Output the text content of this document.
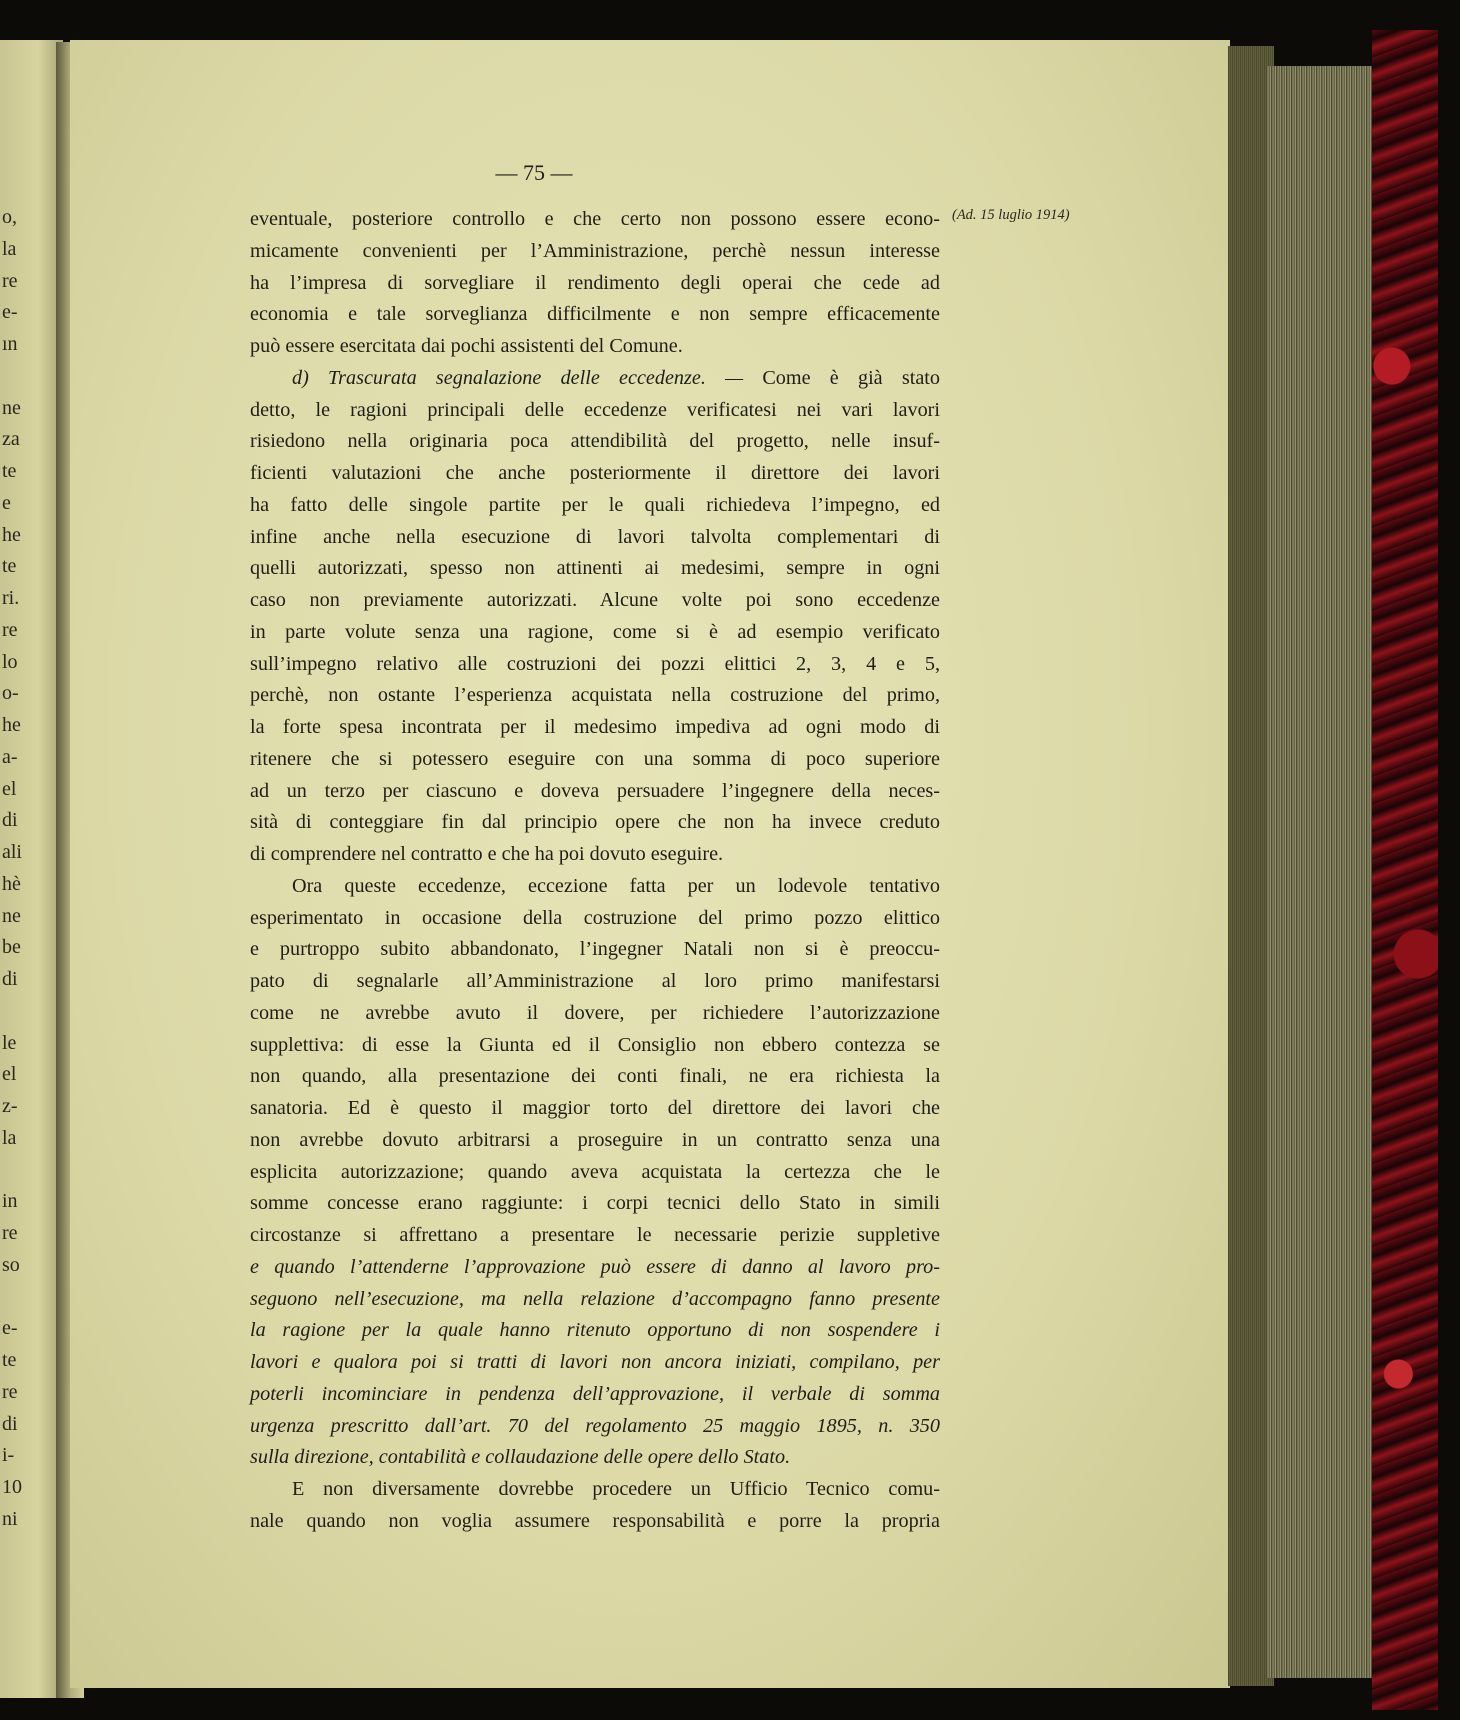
— 75 —
(Ad. 15 luglio 1914)
eventuale, posteriore controllo e che certo non possono essere econo-
micamente convenienti per l’Amministrazione, perchè nessun interesse
ha l’impresa di sorvegliare il rendimento degli operai che cede ad
economia e tale sorveglianza difficilmente e non sempre efficacemente
può essere esercitata dai pochi assistenti del Comune.
d) Trascurata segnalazione delle eccedenze. — Come è già stato
detto, le ragioni principali delle eccedenze verificatesi nei vari lavori
risiedono nella originaria poca attendibilità del progetto, nelle insuf-
ficienti valutazioni che anche posteriormente il direttore dei lavori
ha fatto delle singole partite per le quali richiedeva l’impegno, ed
infine anche nella esecuzione di lavori talvolta complementari di
quelli autorizzati, spesso non attinenti ai medesimi, sempre in ogni
caso non previamente autorizzati. Alcune volte poi sono eccedenze
in parte volute senza una ragione, come si è ad esempio verificato
sull’impegno relativo alle costruzioni dei pozzi elittici 2, 3, 4 e 5,
perchè, non ostante l’esperienza acquistata nella costruzione del primo,
la forte spesa incontrata per il medesimo impediva ad ogni modo di
ritenere che si potessero eseguire con una somma di poco superiore
ad un terzo per ciascuno e doveva persuadere l’ingegnere della neces-
sità di conteggiare fin dal principio opere che non ha invece creduto
di comprendere nel contratto e che ha poi dovuto eseguire.
Ora queste eccedenze, eccezione fatta per un lodevole tentativo
esperimentato in occasione della costruzione del primo pozzo elittico
e purtroppo subito abbandonato, l’ingegner Natali non si è preoccu-
pato di segnalarle all’Amministrazione al loro primo manifestarsi
come ne avrebbe avuto il dovere, per richiedere l’autorizzazione
supplettiva: di esse la Giunta ed il Consiglio non ebbero contezza se
non quando, alla presentazione dei conti finali, ne era richiesta la
sanatoria. Ed è questo il maggior torto del direttore dei lavori che
non avrebbe dovuto arbitrarsi a proseguire in un contratto senza una
esplicita autorizzazione; quando aveva acquistata la certezza che le
somme concesse erano raggiunte: i corpi tecnici dello Stato in simili
circostanze si affrettano a presentare le necessarie perizie suppletive
e quando l’attenderne l’approvazione può essere di danno al lavoro pro-
seguono nell’esecuzione, ma nella relazione d’accompagno fanno presente
la ragione per la quale hanno ritenuto opportuno di non sospendere i
lavori e qualora poi si tratti di lavori non ancora iniziati, compilano, per
poterli incominciare in pendenza dell’approvazione, il verbale di somma
urgenza prescritto dall’art. 70 del regolamento 25 maggio 1895, n. 350
sulla direzione, contabilità e collaudazione delle opere dello Stato.
E non diversamente dovrebbe procedere un Ufficio Tecnico comu-
nale quando non voglia assumere responsabilità e porre la propria
o,
la
re
e-
ın
ne
za
te
e
he
te
ri.
re
lo
o-
he
a-
el
di
ali
hè
ne
be
di
le
el
z-
la
in
re
so
e-
te
re
di
i-
10
ni
